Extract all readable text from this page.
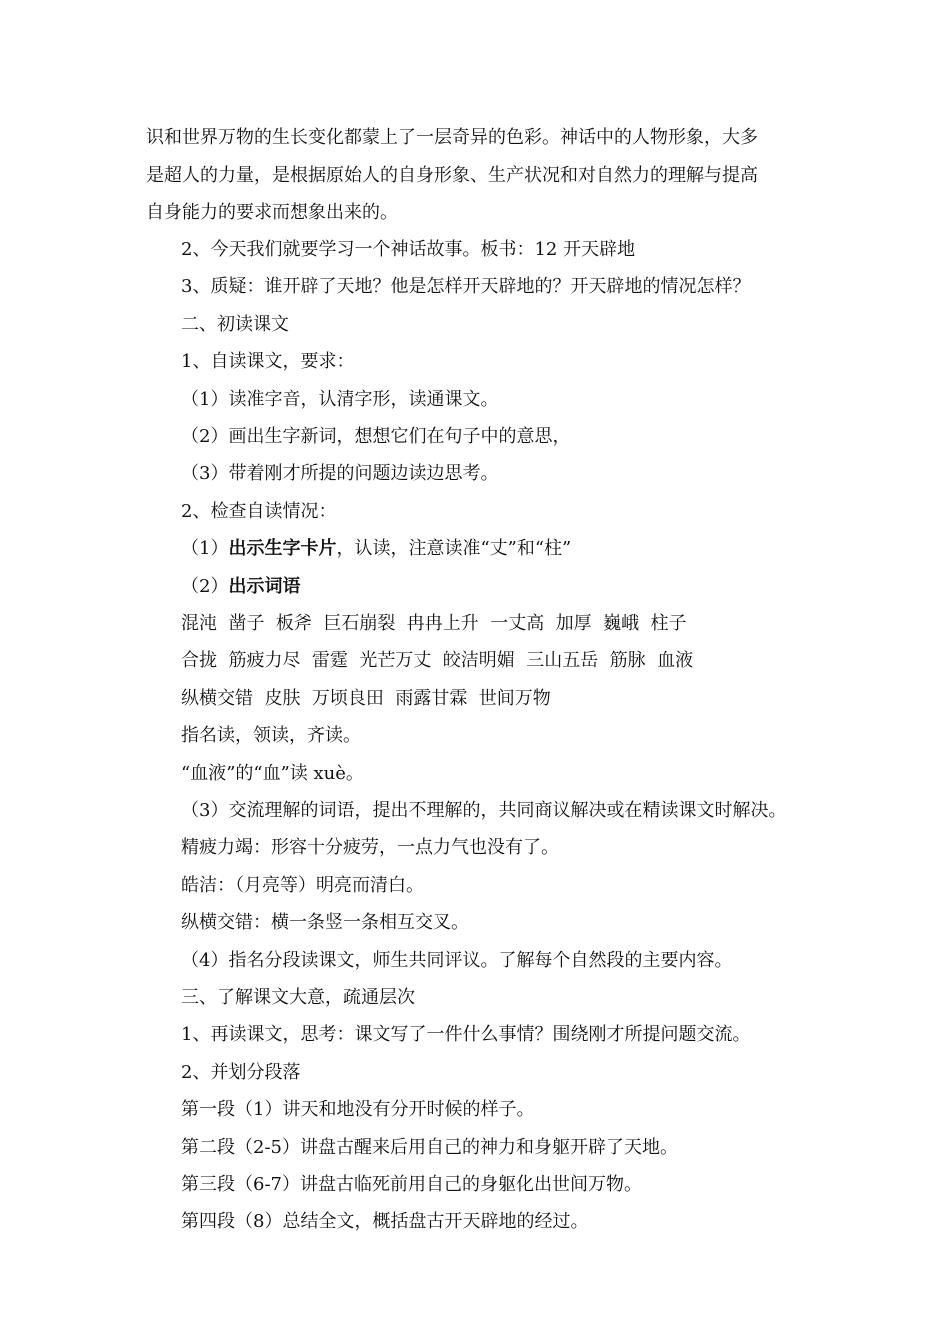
识和世界万物的生长变化都蒙上了一层奇异的色彩。神话中的人物形象，大多

是超人的力量，是根据原始人的自身形象、生产状况和对自然力的理解与提高

自身能力的要求而想象出来的。

2、今天我们就要学习一个神话故事。板书：12 开天辟地

3、质疑：谁开辟了天地？他是怎样开天辟地的？开天辟地的情况怎样？

二、初读课文

1、自读课文，要求：

（1）读准字音，认清字形，读通课文。

（2）画出生字新词，想想它们在句子中的意思，

（3）带着刚才所提的问题边读边思考。

2、检查自读情况：

（1）出示生字卡片，认读，注意读准“丈”和“柱”

（2）出示词语

混沌  凿子  板斧  巨石崩裂  冉冉上升  一丈高  加厚  巍峨  柱子

合拢  筋疲力尽  雷霆  光芒万丈  皎洁明媚  三山五岳  筋脉  血液

纵横交错  皮肤  万顷良田  雨露甘霖  世间万物

指名读，领读，齐读。

“血液”的“血”读 xuè。

（3）交流理解的词语，提出不理解的，共同商议解决或在精读课文时解决。

精疲力竭：形容十分疲劳，一点力气也没有了。

皓洁：（月亮等）明亮而清白。

纵横交错：横一条竖一条相互交叉。

（4）指名分段读课文，师生共同评议。了解每个自然段的主要内容。

三、了解课文大意，疏通层次

1、再读课文，思考：课文写了一件什么事情？围绕刚才所提问题交流。

2、并划分段落

第一段（1）讲天和地没有分开时候的样子。

第二段（2-5）讲盘古醒来后用自己的神力和身躯开辟了天地。

第三段（6-7）讲盘古临死前用自己的身躯化出世间万物。

第四段（8）总结全文，概括盘古开天辟地的经过。
